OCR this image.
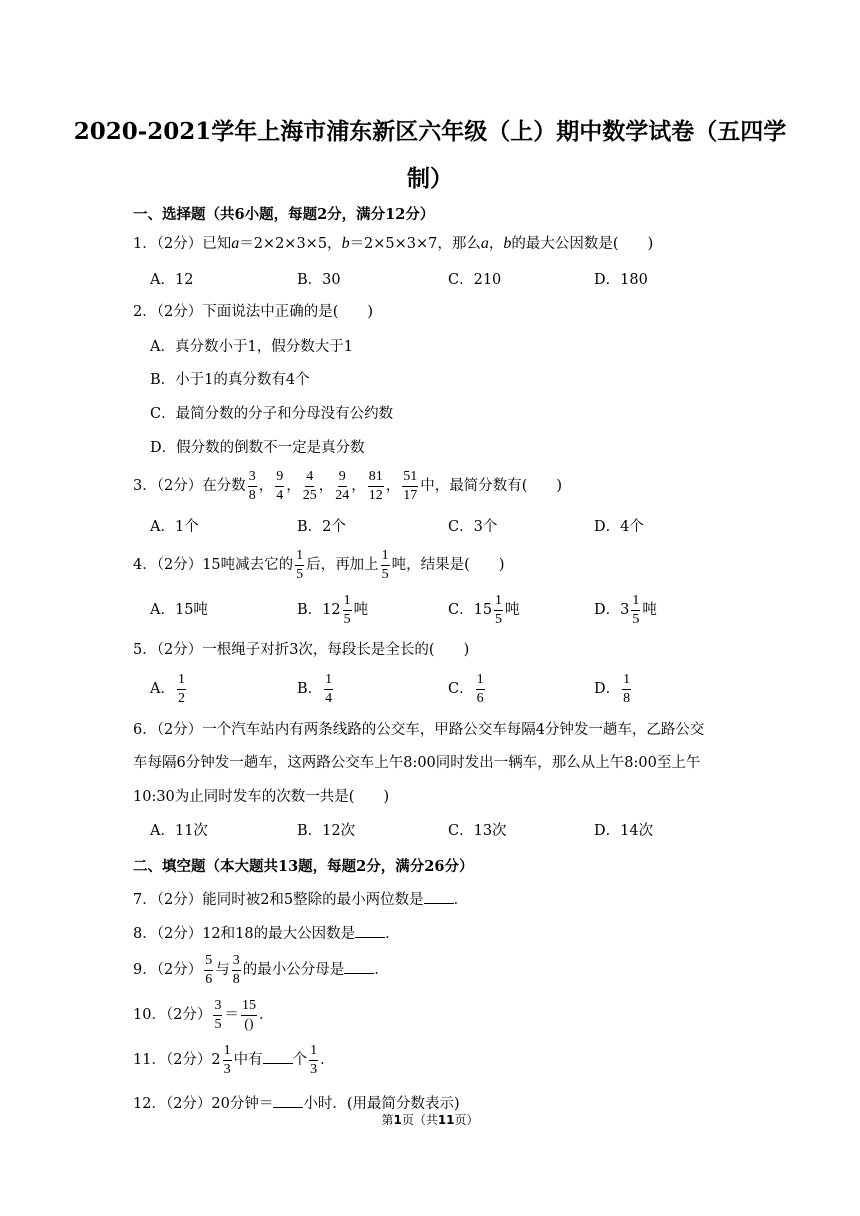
2020-2021学年上海市浦东新区六年级（上）期中数学试卷（五四学制）
一、选择题（共6小题，每题2分，满分12分）
1．（2分）已知a＝2×2×3×5，b＝2×5×3×7，那么a，b的最大公因数是(　　)
A．12	B．30	C．210	D．180
2．（2分）下面说法中正确的是(　　)
A．真分数小于1，假分数大于1
B．小于1的真分数有4个
C．最简分数的分子和分母没有公约数
D．假分数的倒数不一定是真分数
3．（2分）在分数 $\frac{3}{8}$ ， $\frac{9}{4}$ ， $\frac{4}{25}$ ， $\frac{9}{24}$ ， $\frac{81}{12}$ ， $\frac{51}{17}$ 中，最简分数有(　　)
A．1个	B．2个	C．3个	D．4个
4．（2分）15吨减去它的 $\frac{1}{5}$ 后，再加上 $\frac{1}{5}$ 吨，结果是(　　)
A．15吨	B．$12 \frac{1}{5}$ 吨	C．$15 \frac{1}{5}$ 吨	D．$3 \frac{1}{5}$ 吨
5．（2分）一根绳子对折3次，每段长是全长的(　　)
A． $\frac{1}{2}$	B． $\frac{1}{4}$	C． $\frac{1}{6}$	D． $\frac{1}{8}$
6．（2分）一个汽车站内有两条线路的公交车，甲路公交车每隔4分钟发一趟车，乙路公交
车每隔6分钟发一趟车，这两路公交车上午8:00同时发出一辆车，那么从上午8:00至上午
10:30为止同时发车的次数一共是(　　)
A．11次	B．12次	C．13次	D．14次
二、填空题（本大题共13题，每题2分，满分26分）
7．（2分）能同时被2和5整除的最小两位数是 ．
8．（2分）12和18的最大公因数是 ．
9．（2分） $\frac{5}{6}$ 与 $\frac{3}{8}$ 的最小公分母是 ．
10．（2分） $\frac{3}{5} = \frac{15}{()}$ ．
11．（2分）$2 \frac{1}{3}$ 中有 个 $\frac{1}{3}$ ．
12．（2分）20分钟＝ 小时．(用最简分数表示)
第1页（共11页）
